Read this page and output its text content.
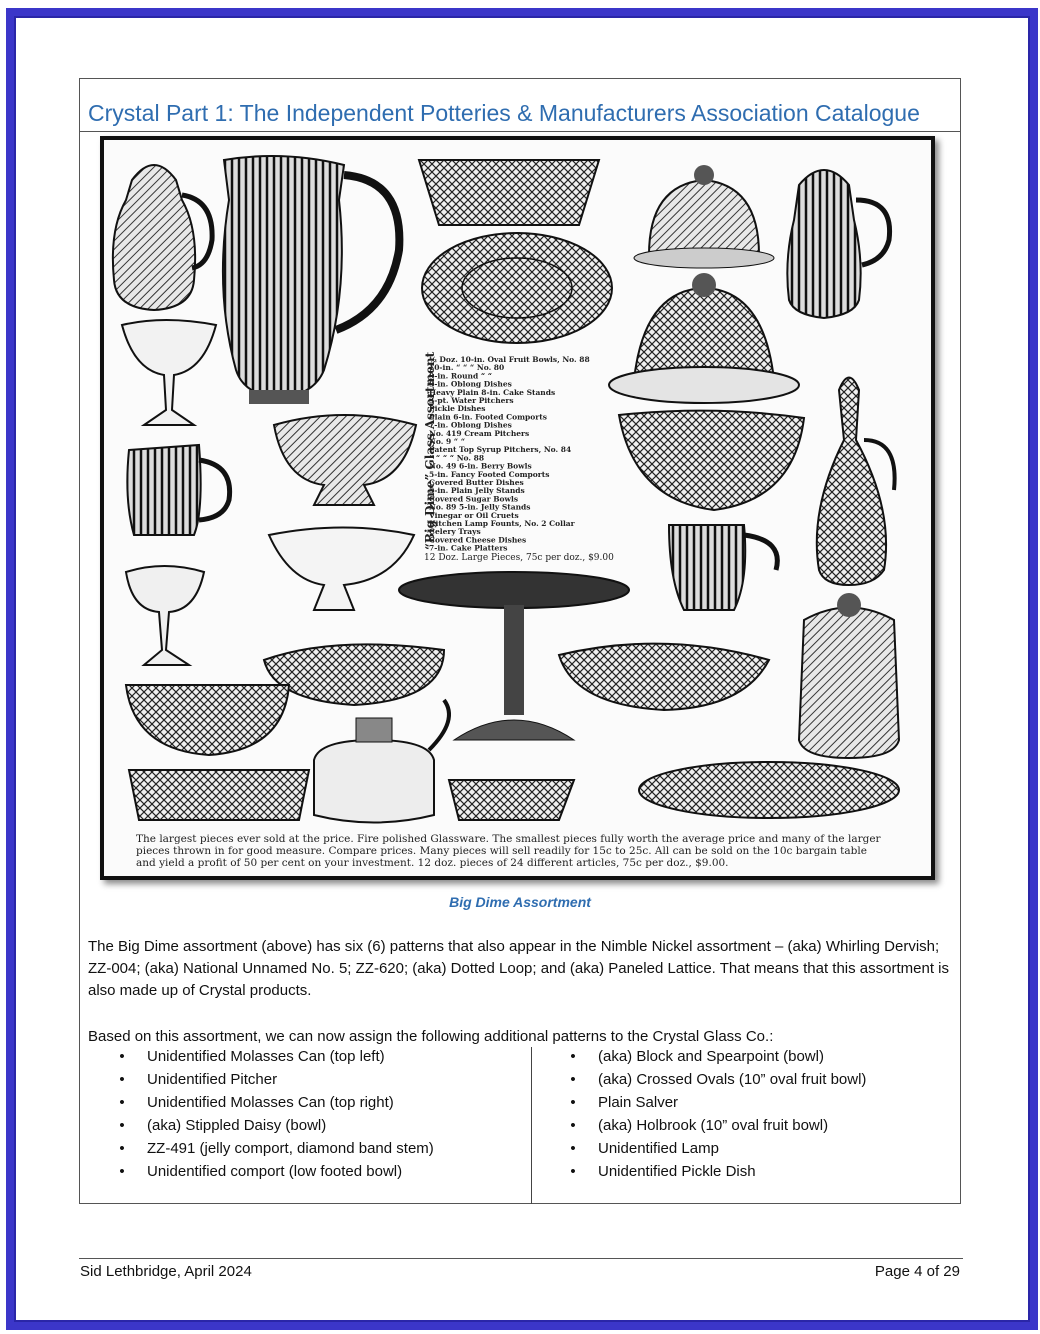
Crystal Part 1: The Independent Potteries & Manufacturers Association Catalogue
“Big Dime” Glass Assortment
½ Doz. 10-in. Oval Fruit Bowls, No. 88
10-in. “ “ “ No. 80
9-in. Round “ “
9-in. Oblong Dishes
Heavy Plain 8-in. Cake Stands
3-pt. Water Pitchers
Pickle Dishes
Plain 6-in. Footed Comports
7-in. Oblong Dishes
No. 419 Cream Pitchers
No. 9 “ “
Patent Top Syrup Pitchers, No. 84
“ “ “ “ No. 88
No. 49 6-in. Berry Bowls
5-in. Fancy Footed Comports
Covered Butter Dishes
5-in. Plain Jelly Stands
Covered Sugar Bowls
No. 89 5-in. Jelly Stands
Vinegar or Oil Cruets
Kitchen Lamp Founts, No. 2 Collar
Celery Trays
Covered Cheese Dishes
7-in. Cake Platters
12 Doz. Large Pieces, 75c per doz., $9.00
The largest pieces ever sold at the price. Fire polished Glassware. The smallest pieces fully worth the average price and many of the larger
pieces thrown in for good measure. Compare prices. Many pieces will sell readily for 15c to 25c. All can be sold on the 10c bargain table
and yield a profit of 50 per cent on your investment. 12 doz. pieces of 24 different articles, 75c per doz., $9.00.
Big Dime Assortment
The Big Dime assortment (above) has six (6) patterns that also appear in the Nimble Nickel assortment – (aka) Whirling Dervish; ZZ-004; (aka) National Unnamed No. 5; ZZ-620; (aka) Dotted Loop; and (aka) Paneled Lattice. That means that this assortment is also made up of Crystal products.
Based on this assortment, we can now assign the following additional patterns to the Crystal Glass Co.:
• Unidentified Molasses Can (top left)
• Unidentified Pitcher
• Unidentified Molasses Can (top right)
• (aka) Stippled Daisy (bowl)
• ZZ-491 (jelly comport, diamond band stem)
• Unidentified comport (low footed bowl)
• (aka) Block and Spearpoint (bowl)
• (aka) Crossed Ovals (10” oval fruit bowl)
• Plain Salver
• (aka) Holbrook (10” oval fruit bowl)
• Unidentified Lamp
• Unidentified Pickle Dish
Sid Lethbridge, April 2024	Page 4 of 29
